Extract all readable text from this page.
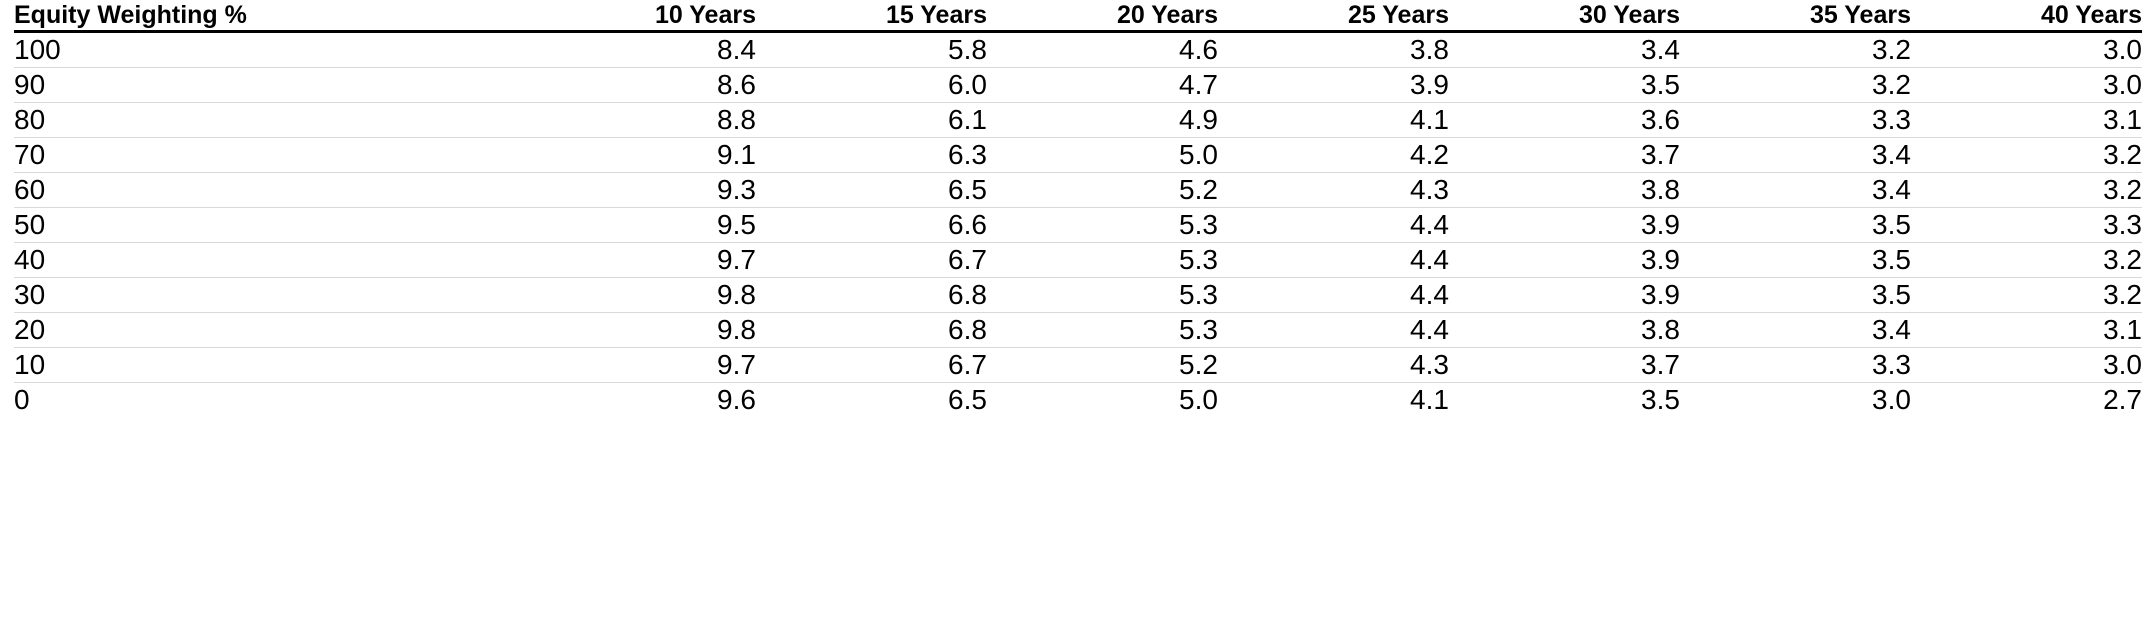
Equity Weighting %	10 Years	15 Years	20 Years	25 Years	30 Years	35 Years	40 Years
100	8.4	5.8	4.6	3.8	3.4	3.2	3.0
90	8.6	6.0	4.7	3.9	3.5	3.2	3.0
80	8.8	6.1	4.9	4.1	3.6	3.3	3.1
70	9.1	6.3	5.0	4.2	3.7	3.4	3.2
60	9.3	6.5	5.2	4.3	3.8	3.4	3.2
50	9.5	6.6	5.3	4.4	3.9	3.5	3.3
40	9.7	6.7	5.3	4.4	3.9	3.5	3.2
30	9.8	6.8	5.3	4.4	3.9	3.5	3.2
20	9.8	6.8	5.3	4.4	3.8	3.4	3.1
10	9.7	6.7	5.2	4.3	3.7	3.3	3.0
0	9.6	6.5	5.0	4.1	3.5	3.0	2.7
